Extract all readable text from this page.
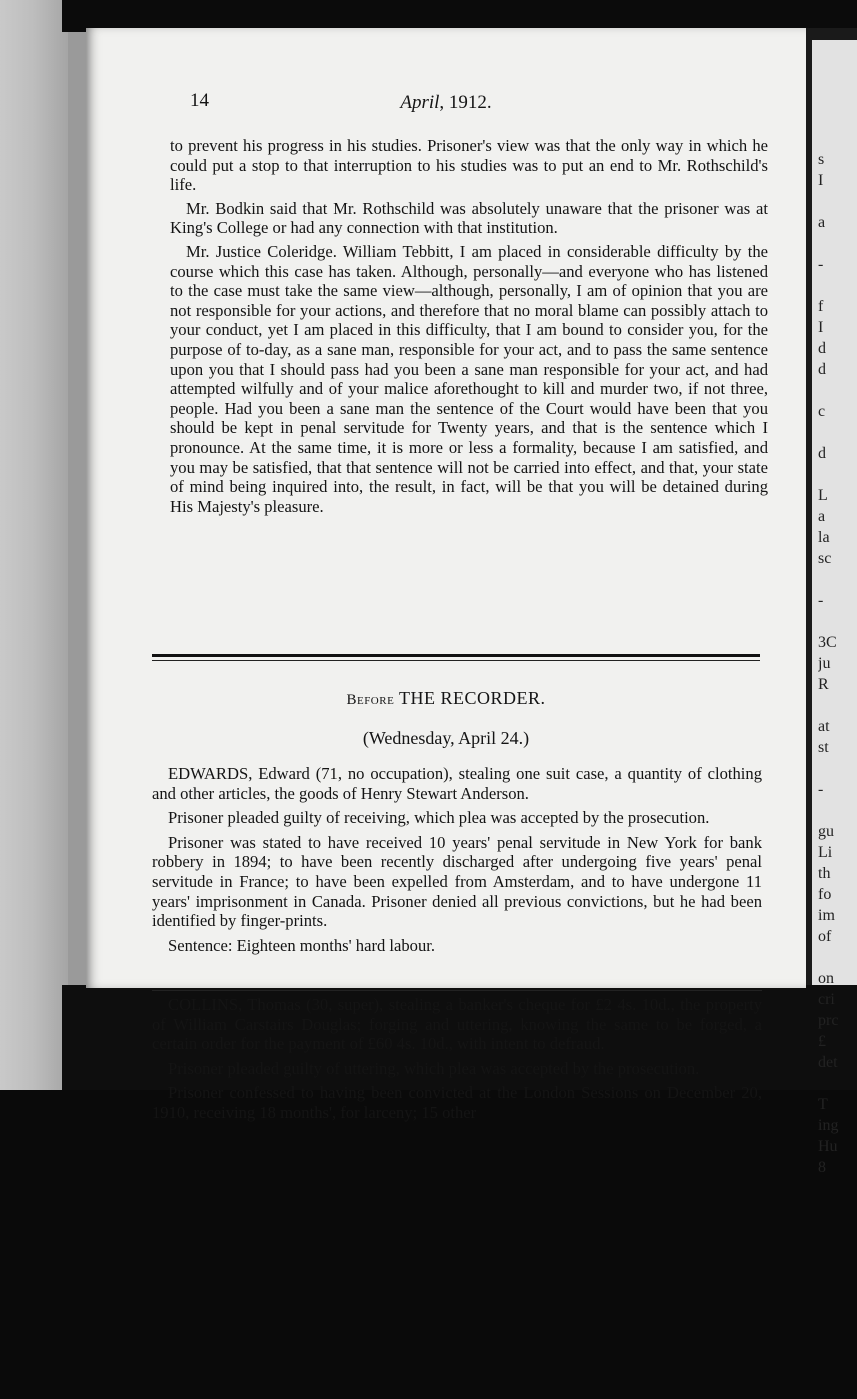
s
I
a
-
f
I
d
d
c
d
L
a
la
sc
-
3C
ju
R
at
st
-
gu
Li
th
fo
im
of
on
cri
prc
£
det
T
ing
Hu
8
14	April, 1912.

to prevent his progress in his studies. Prisoner's view was that the only way in which he could put a stop to that interruption to his studies was to put an end to Mr. Rothschild's life.

Mr. Bodkin said that Mr. Rothschild was absolutely unaware that the prisoner was at King's College or had any connection with that institution.

Mr. Justice Coleridge. William Tebbitt, I am placed in considerable difficulty by the course which this case has taken. Although, personally—and everyone who has listened to the case must take the same view—although, personally, I am of opinion that you are not responsible for your actions, and therefore that no moral blame can possibly attach to your conduct, yet I am placed in this difficulty, that I am bound to consider you, for the purpose of to-day, as a sane man, responsible for your act, and to pass the same sentence upon you that I should pass had you been a sane man responsible for your act, and had attempted wilfully and of your malice aforethought to kill and murder two, if not three, people. Had you been a sane man the sentence of the Court would have been that you should be kept in penal servitude for Twenty years, and that is the sentence which I pronounce. At the same time, it is more or less a formality, because I am satisfied, and you may be satisfied, that that sentence will not be carried into effect, and that, your state of mind being inquired into, the result, in fact, will be that you will be detained during His Majesty's pleasure.

Before THE RECORDER.
(Wednesday, April 24.)

EDWARDS, Edward (71, no occupation), stealing one suit case, a quantity of clothing and other articles, the goods of Henry Stewart Anderson.

Prisoner pleaded guilty of receiving, which plea was accepted by the prosecution.

Prisoner was stated to have received 10 years' penal servitude in New York for bank robbery in 1894; to have been recently discharged after undergoing five years' penal servitude in France; to have been expelled from Amsterdam, and to have undergone 11 years' imprisonment in Canada. Prisoner denied all previous convictions, but he had been identified by finger-prints.

Sentence: Eighteen months' hard labour.

COLLINS, Thomas (30, super), stealing a banker's cheque for £2 4s. 10d., the property of William Carstairs Douglas; forging and uttering, knowing the same to be forged, a certain order for the payment of £60 4s. 10d., with intent to defraud.

Prisoner pleaded guilty of uttering, which plea was accepted by the prosecution.

Prisoner confessed to having been convicted at the London Sessions on December 20, 1910, receiving 18 months', for larceny; 15 other
